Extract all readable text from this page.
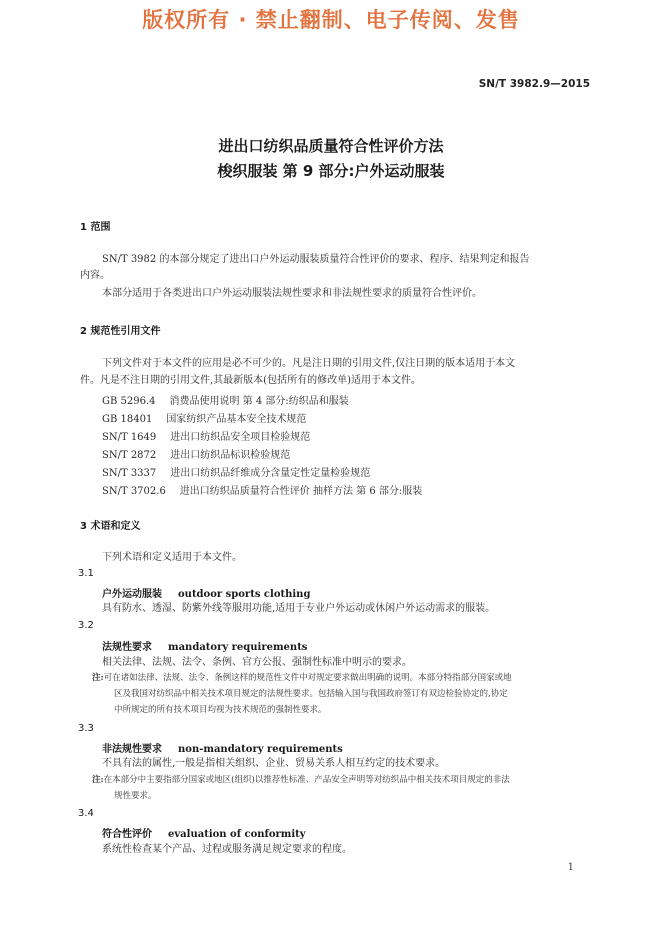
版权所有 · 禁止翻制、电子传阅、发售
SN/T 3982.9—2015
进出口纺织品质量符合性评价方法
梭织服装 第 9 部分:户外运动服装
1 范围
SN/T 3982 的本部分规定了进出口户外运动服装质量符合性评价的要求、程序、结果判定和报告
内容。
本部分适用于各类进出口户外运动服装法规性要求和非法规性要求的质量符合性评价。
2 规范性引用文件
下列文件对于本文件的应用是必不可少的。凡是注日期的引用文件,仅注日期的版本适用于本文
件。凡是不注日期的引用文件,其最新版本(包括所有的修改单)适用于本文件。
GB 5296.4 消费品使用说明 第 4 部分:纺织品和服装
GB 18401 国家纺织产品基本安全技术规范
SN/T 1649 进出口纺织品安全项目检验规范
SN/T 2872 进出口纺织品标识检验规范
SN/T 3337 进出口纺织品纤维成分含量定性定量检验规范
SN/T 3702.6 进出口纺织品质量符合性评价 抽样方法 第 6 部分:服装
3 术语和定义
下列术语和定义适用于本文件。
3.1
户外运动服装 outdoor sports clothing
具有防水、透湿、防紫外线等服用功能,适用于专业户外运动或休闲户外运动需求的服装。
3.2
法规性要求 mandatory requirements
相关法律、法规、法令、条例、官方公报、强制性标准中明示的要求。
注:可在诸如法律、法规、法令、条例这样的规范性文件中对规定要求做出明确的说明。本部分特指部分国家或地
区及我国对纺织品中相关技术项目规定的法规性要求。包括输入国与我国政府签订有双边检验协定的,协定
中所规定的所有技术项目均视为技术规范的强制性要求。
3.3
非法规性要求 non-mandatory requirements
不具有法的属性,一般是指相关组织、企业、贸易关系人相互约定的技术要求。
注:在本部分中主要指部分国家或地区(组织)以推荐性标准、产品安全声明等对纺织品中相关技术项目规定的非法
规性要求。
3.4
符合性评价 evaluation of conformity
系统性检查某个产品、过程或服务满足规定要求的程度。
1
